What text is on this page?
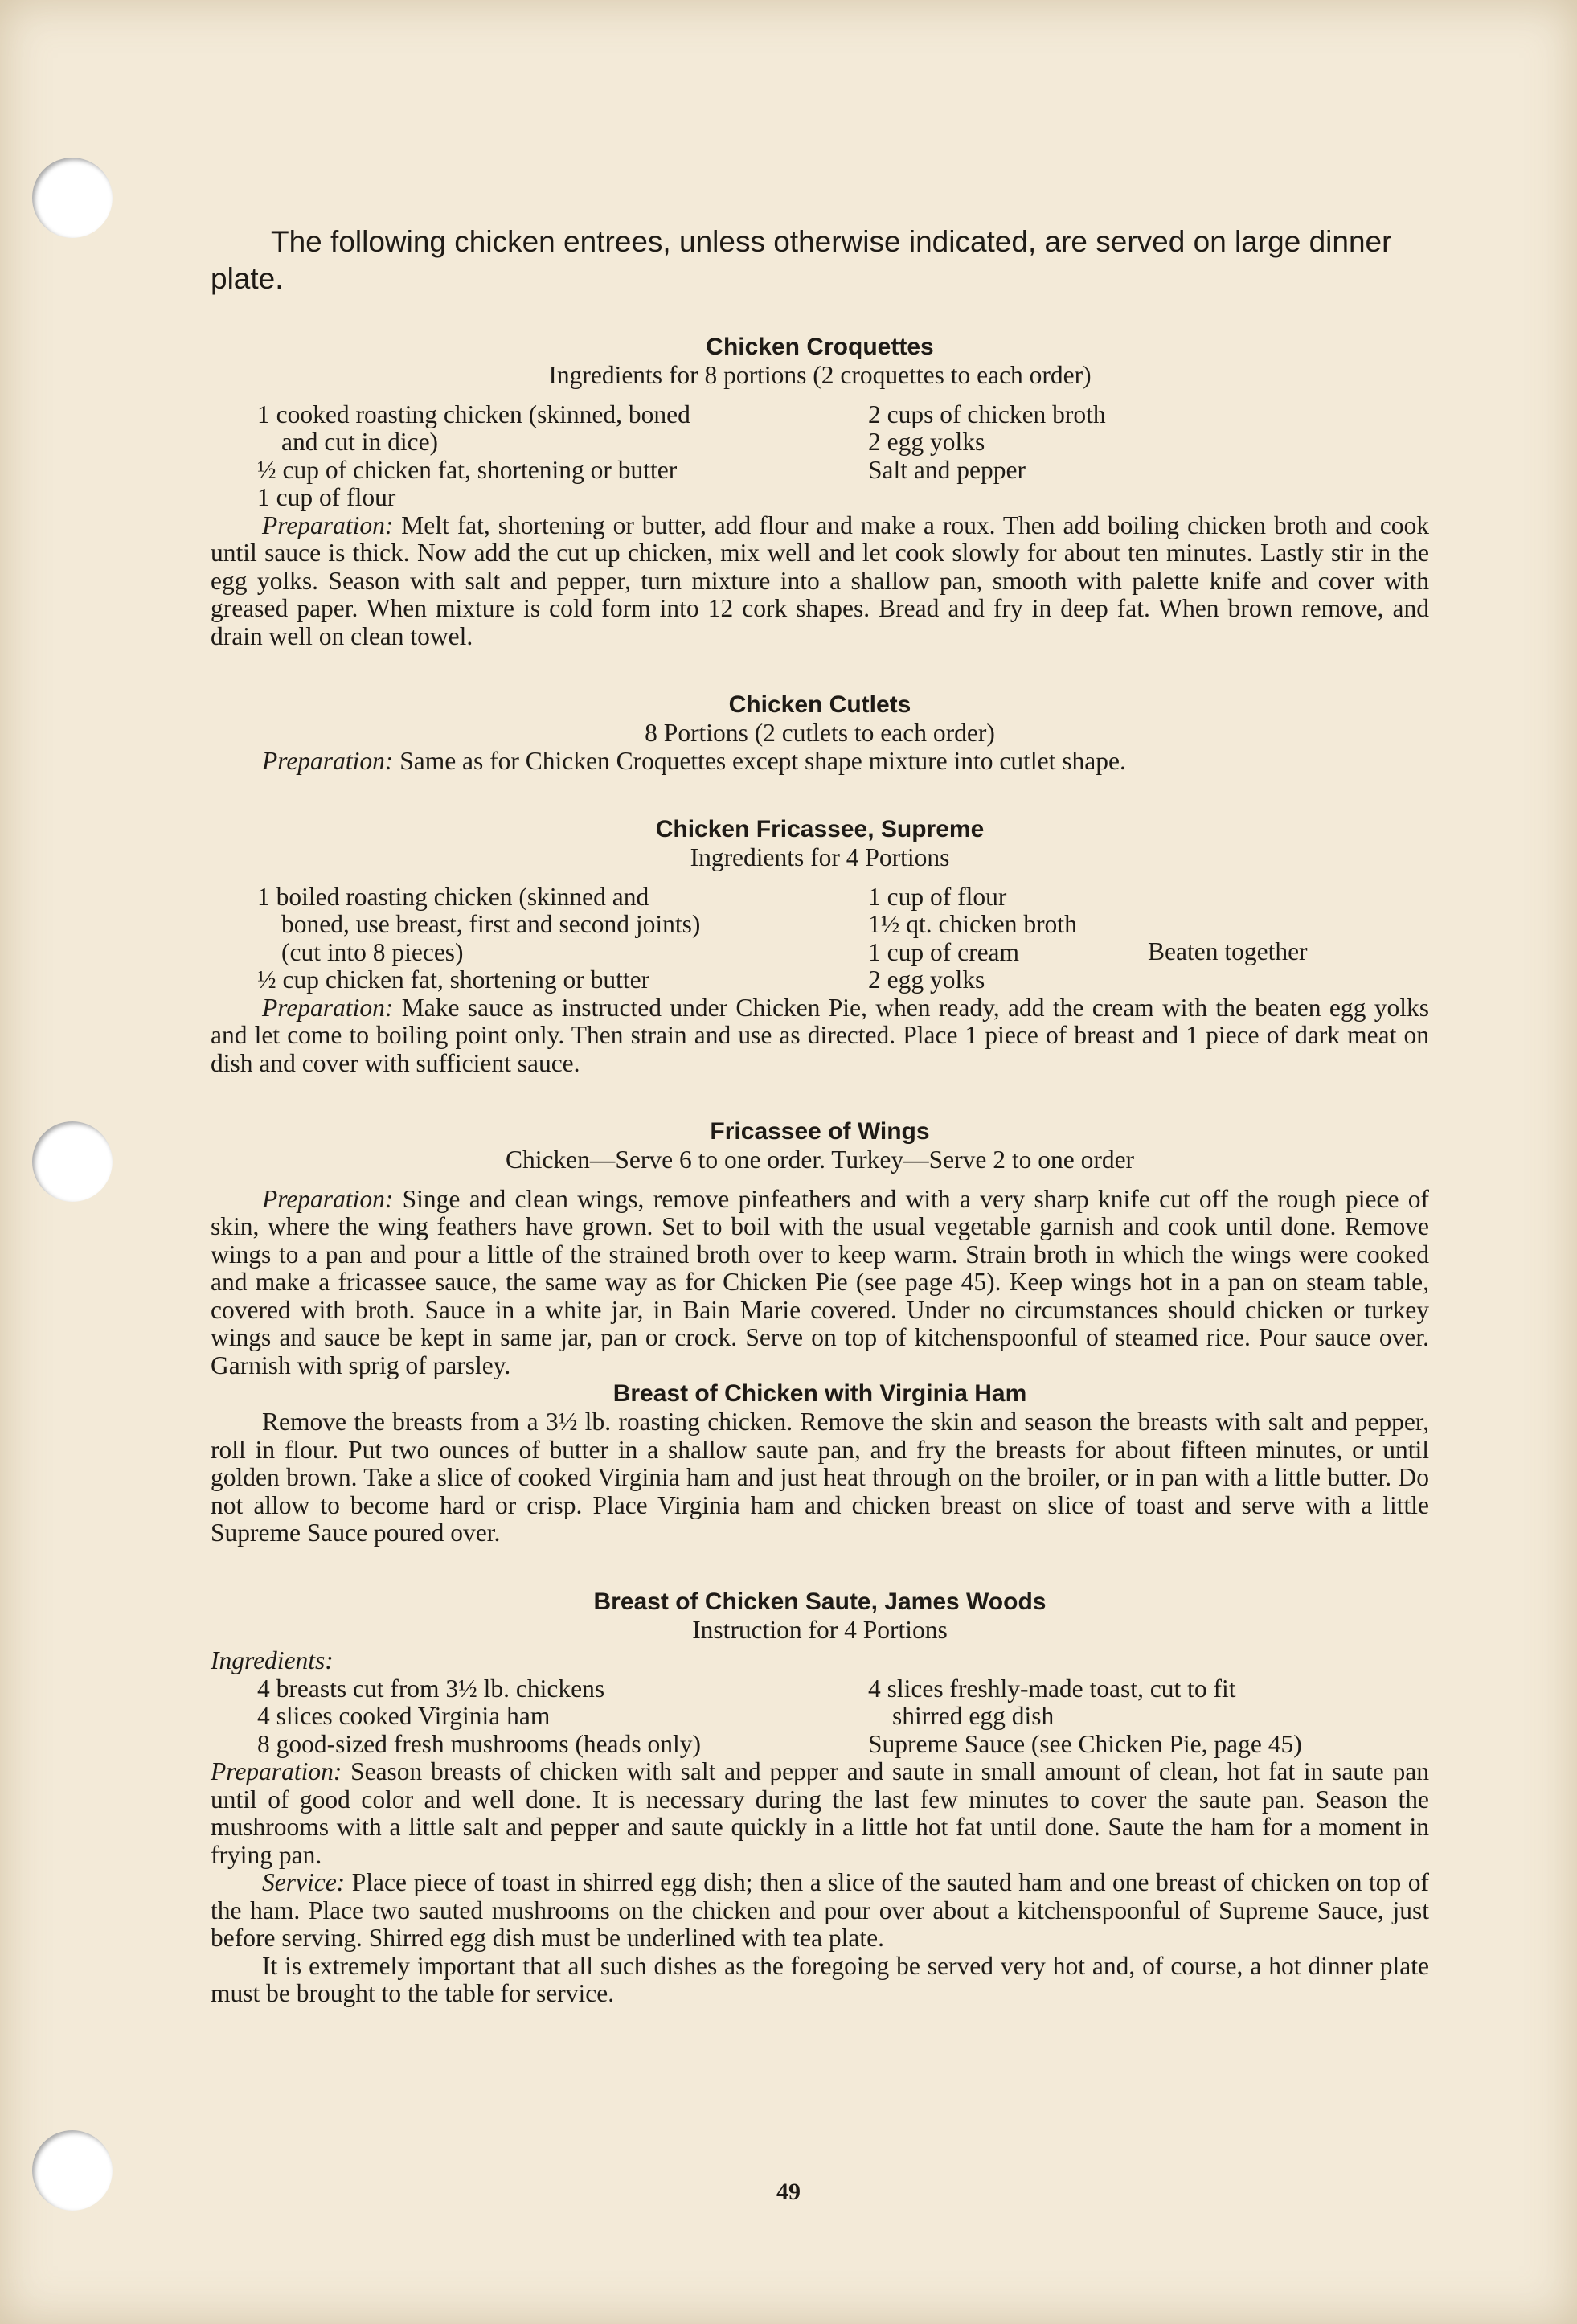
The following chicken entrees, unless otherwise indicated, are served on large dinner plate.

Chicken Croquettes

Ingredients for 8 portions (2 croquettes to each order)

1 cooked roasting chicken (skinned, boned

and cut in dice)

½ cup of chicken fat, shortening or butter

1 cup of flour

2 cups of chicken broth

2 egg yolks

Salt and pepper

Preparation: Melt fat, shortening or butter, add flour and make a roux. Then add boiling chicken broth and cook until sauce is thick. Now add the cut up chicken, mix well and let cook slowly for about ten minutes. Lastly stir in the egg yolks. Season with salt and pepper, turn mixture into a shallow pan, smooth with palette knife and cover with greased paper. When mixture is cold form into 12 cork shapes. Bread and fry in deep fat. When brown remove, and drain well on clean towel.

Chicken Cutlets

8 Portions (2 cutlets to each order)

Preparation: Same as for Chicken Croquettes except shape mixture into cutlet shape.

Chicken Fricassee, Supreme

Ingredients for 4 Portions

1 boiled roasting chicken (skinned and

boned, use breast, first and second joints)

(cut into 8 pieces)

½ cup chicken fat, shortening or butter

1 cup of flour

1½ qt. chicken broth

1 cup of cream

2 egg yolks

Beaten together

Preparation: Make sauce as instructed under Chicken Pie, when ready, add the cream with the beaten egg yolks and let come to boiling point only. Then strain and use as directed. Place 1 piece of breast and 1 piece of dark meat on dish and cover with sufficient sauce.

Fricassee of Wings

Chicken—Serve 6 to one order. Turkey—Serve 2 to one order

Preparation: Singe and clean wings, remove pinfeathers and with a very sharp knife cut off the rough piece of skin, where the wing feathers have grown. Set to boil with the usual vegetable garnish and cook until done. Remove wings to a pan and pour a little of the strained broth over to keep warm. Strain broth in which the wings were cooked and make a fricassee sauce, the same way as for Chicken Pie (see page 45). Keep wings hot in a pan on steam table, covered with broth. Sauce in a white jar, in Bain Marie covered. Under no circumstances should chicken or turkey wings and sauce be kept in same jar, pan or crock. Serve on top of kitchenspoonful of steamed rice. Pour sauce over. Garnish with sprig of parsley.

Breast of Chicken with Virginia Ham

Remove the breasts from a 3½ lb. roasting chicken. Remove the skin and season the breasts with salt and pepper, roll in flour. Put two ounces of butter in a shallow saute pan, and fry the breasts for about fifteen minutes, or until golden brown. Take a slice of cooked Virginia ham and just heat through on the broiler, or in pan with a little butter. Do not allow to become hard or crisp. Place Virginia ham and chicken breast on slice of toast and serve with a little Supreme Sauce poured over.

Breast of Chicken Saute, James Woods

Instruction for 4 Portions

Ingredients:

4 breasts cut from 3½ lb. chickens

4 slices cooked Virginia ham

8 good-sized fresh mushrooms (heads only)

4 slices freshly-made toast, cut to fit

shirred egg dish

Supreme Sauce (see Chicken Pie, page 45)

Preparation: Season breasts of chicken with salt and pepper and saute in small amount of clean, hot fat in saute pan until of good color and well done. It is necessary during the last few minutes to cover the saute pan. Season the mushrooms with a little salt and pepper and saute quickly in a little hot fat until done. Saute the ham for a moment in frying pan.

Service: Place piece of toast in shirred egg dish; then a slice of the sauted ham and one breast of chicken on top of the ham. Place two sauted mushrooms on the chicken and pour over about a kitchenspoonful of Supreme Sauce, just before serving. Shirred egg dish must be underlined with tea plate.

It is extremely important that all such dishes as the foregoing be served very hot and, of course, a hot dinner plate must be brought to the table for service.

49
